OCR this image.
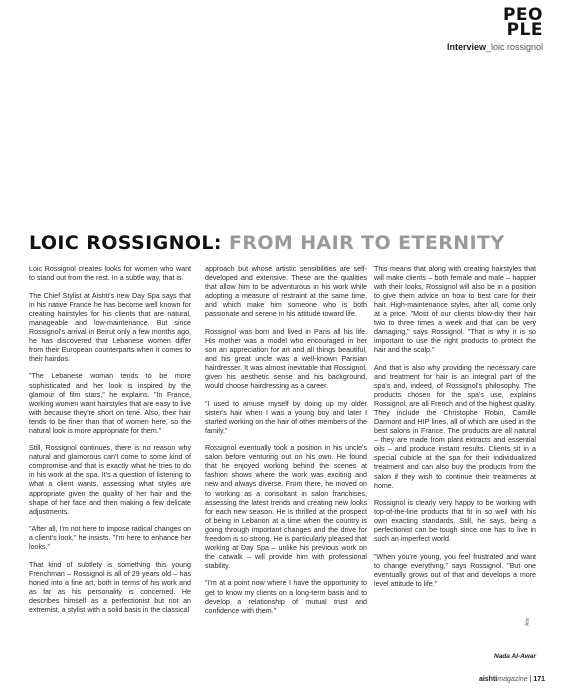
PEO
PLE
Interview_loic rossignol
LOIC ROSSIGNOL: FROM HAIR TO ETERNITY

Loic Rossignol creates looks for women who want to stand out from the rest. In a subtle way, that is.

The Chief Stylist at Aishti's new Day Spa says that in his native France he has become well known for creating hairstyles for his clients that are natural, manageable and low-maintenance. But since Rossignol's arrival in Beirut only a few months ago, he has discovered that Lebanese women differ from their European counterparts when it comes to their hairdos.

"The Lebanese woman tends to be more sophisticated and her look is inspired by the glamour of film stars," he explains. "In France, working women want hairstyles that are easy to live with because they're short on time. Also, their hair tends to be finer than that of women here, so the natural look is more appropriate for them."

Still, Rossignol continues, there is no reason why natural and glamorous can't come to some kind of compromise and that is exactly what he tries to do in his work at the spa. It's a question of listening to what a client wants, assessing what styles are appropriate given the quality of her hair and the shape of her face and then making a few delicate adjustments.

"After all, I'm not here to impose radical changes on a client's look," he insists. "I'm here to enhance her looks."

That kind of subtlety is something this young Frenchman – Rossignol is all of 29 years old – has honed into a fine art, both in terms of his work and as far as his personality is concerned. He describes himself as a perfectionist but not an extremist, a stylist with a solid basis in the classical

approach but whose artistic sensibilities are self-developed and extensive. These are the qualities that allow him to be adventurous in his work while adopting a measure of restraint at the same time, and which make him someone who is both passionate and serene in his attitude toward life.

Rossignol was born and lived in Paris all his life. His mother was a model who encouraged in her son an appreciation for art and all things beautiful, and his great uncle was a well-known Parisian hairdresser. It was almost inevitable that Rossignol, given his aesthetic sense and his background, would choose hairdressing as a career.

"I used to amuse myself by doing up my older sister's hair when I was a young boy and later I started working on the hair of other members of the family."

Rossignol eventually took a position in his uncle's salon before venturing out on his own. He found that he enjoyed working behind the scenes at fashion shows where the work was exciting and new and always diverse. From there, he moved on to working as a consultant in salon franchises, assessing the latest trends and creating new looks for each new season. He is thrilled at the prospect of being in Lebanon at a time when the country is going through important changes and the drive for freedom is so strong. He is particularly pleased that working at Day Spa – unlike his previous work on the catwalk – will provide him with professional stability.

"I'm at a point now where I have the opportunity to get to know my clients on a long-term basis and to develop a relationship of mutual trust and confidence with them."

This means that along with creating hairstyles that will make clients – both female and male – happier with their looks, Rossignol will also be in a position to give them advice on how to best care for their hair. High-maintenance styles, after all, come only at a price. "Most of our clients blow-dry their hair two to three times a week and that can be very damaging," says Rossignol. "That is why it is so important to use the right products to protect the hair and the scalp."

And that is also why providing the necessary care and treatment for hair is an integral part of the spa's and, indeed, of Rossignol's philosophy. The products chosen for the spa's use, explains Rossignol, are all French and of the highest quality. They include the Christophe Robin, Camille Darmont and HIP lines, all of which are used in the best salons in France. The products are all natural – they are made from plant extracts and essential oils – and produce instant results. Clients sit in a special cubicle at the spa for their individualized treatment and can also buy the products from the salon if they wish to continue their treatments at home.

Rossignol is clearly very happy to be working with top-of-the-line products that fit in so well with his own exacting standards. Still, he says, being a perfectionist can be tough since one has to live in such an imperfect world.

"When you're young, you feel frustrated and want to change everything," says Rossignol. "But one eventually grows out of that and develops a more level attitude to life."

Ahir
Nada Al-Awar
aishtimagazine | 171
